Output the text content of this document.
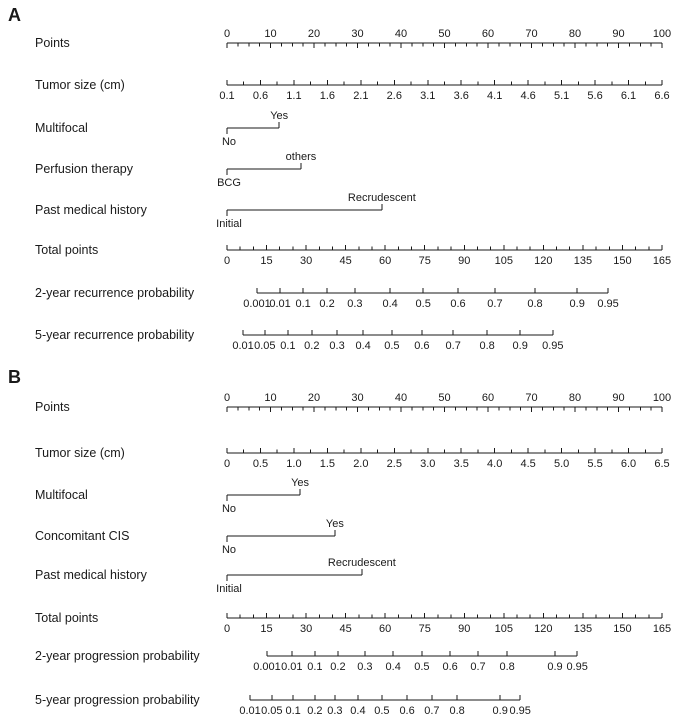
A
Points
0	10	20	30	40	50	60	70	80	90	100
Tumor size (cm)
0.1 0.6 1.1 1.6 2.1 2.6 3.1 3.6 4.1 4.6 5.1 5.6 6.1 6.6
Multifocal
No
Yes
Perfusion therapy
BCG
others
Past medical history
Initial
Recrudescent
Total points
0	15 30 45 60 75 90 105 120 135 150 165
2-year recurrence probability
0.001
0.01 0.1 0.2 0.3 0.4 0.5 0.6 0.7 0.8 0.9 0.95
5-year recurrence probability
0.01 0.05 0.1 0.2 0.3 0.4 0.5 0.6 0.7 0.8 0.9 0.95
B
Points
0	10	20	30	40	50	60	70	80	90	100
Tumor size (cm)
0 0.5 1.0 1.5 2.0 2.5 3.0 3.5 4.0 4.5 5.0 5.5 6.0 6.5
Multifocal
No
Yes
Concomitant CIS
No
Yes
Past medical history
Initial
Recrudescent
Total points
0	15 30 45 60 75 90 105 120 135 150 165
2-year progression probability
0.001 0.01 0.1 0.2 0.3 0.4 0.5 0.6 0.7 0.8	0.9 0.95
5-year progression probability
0.01 0.05 0.1 0.2 0.3 0.4 0.5 0.6 0.7 0.8	0.9 0.95
